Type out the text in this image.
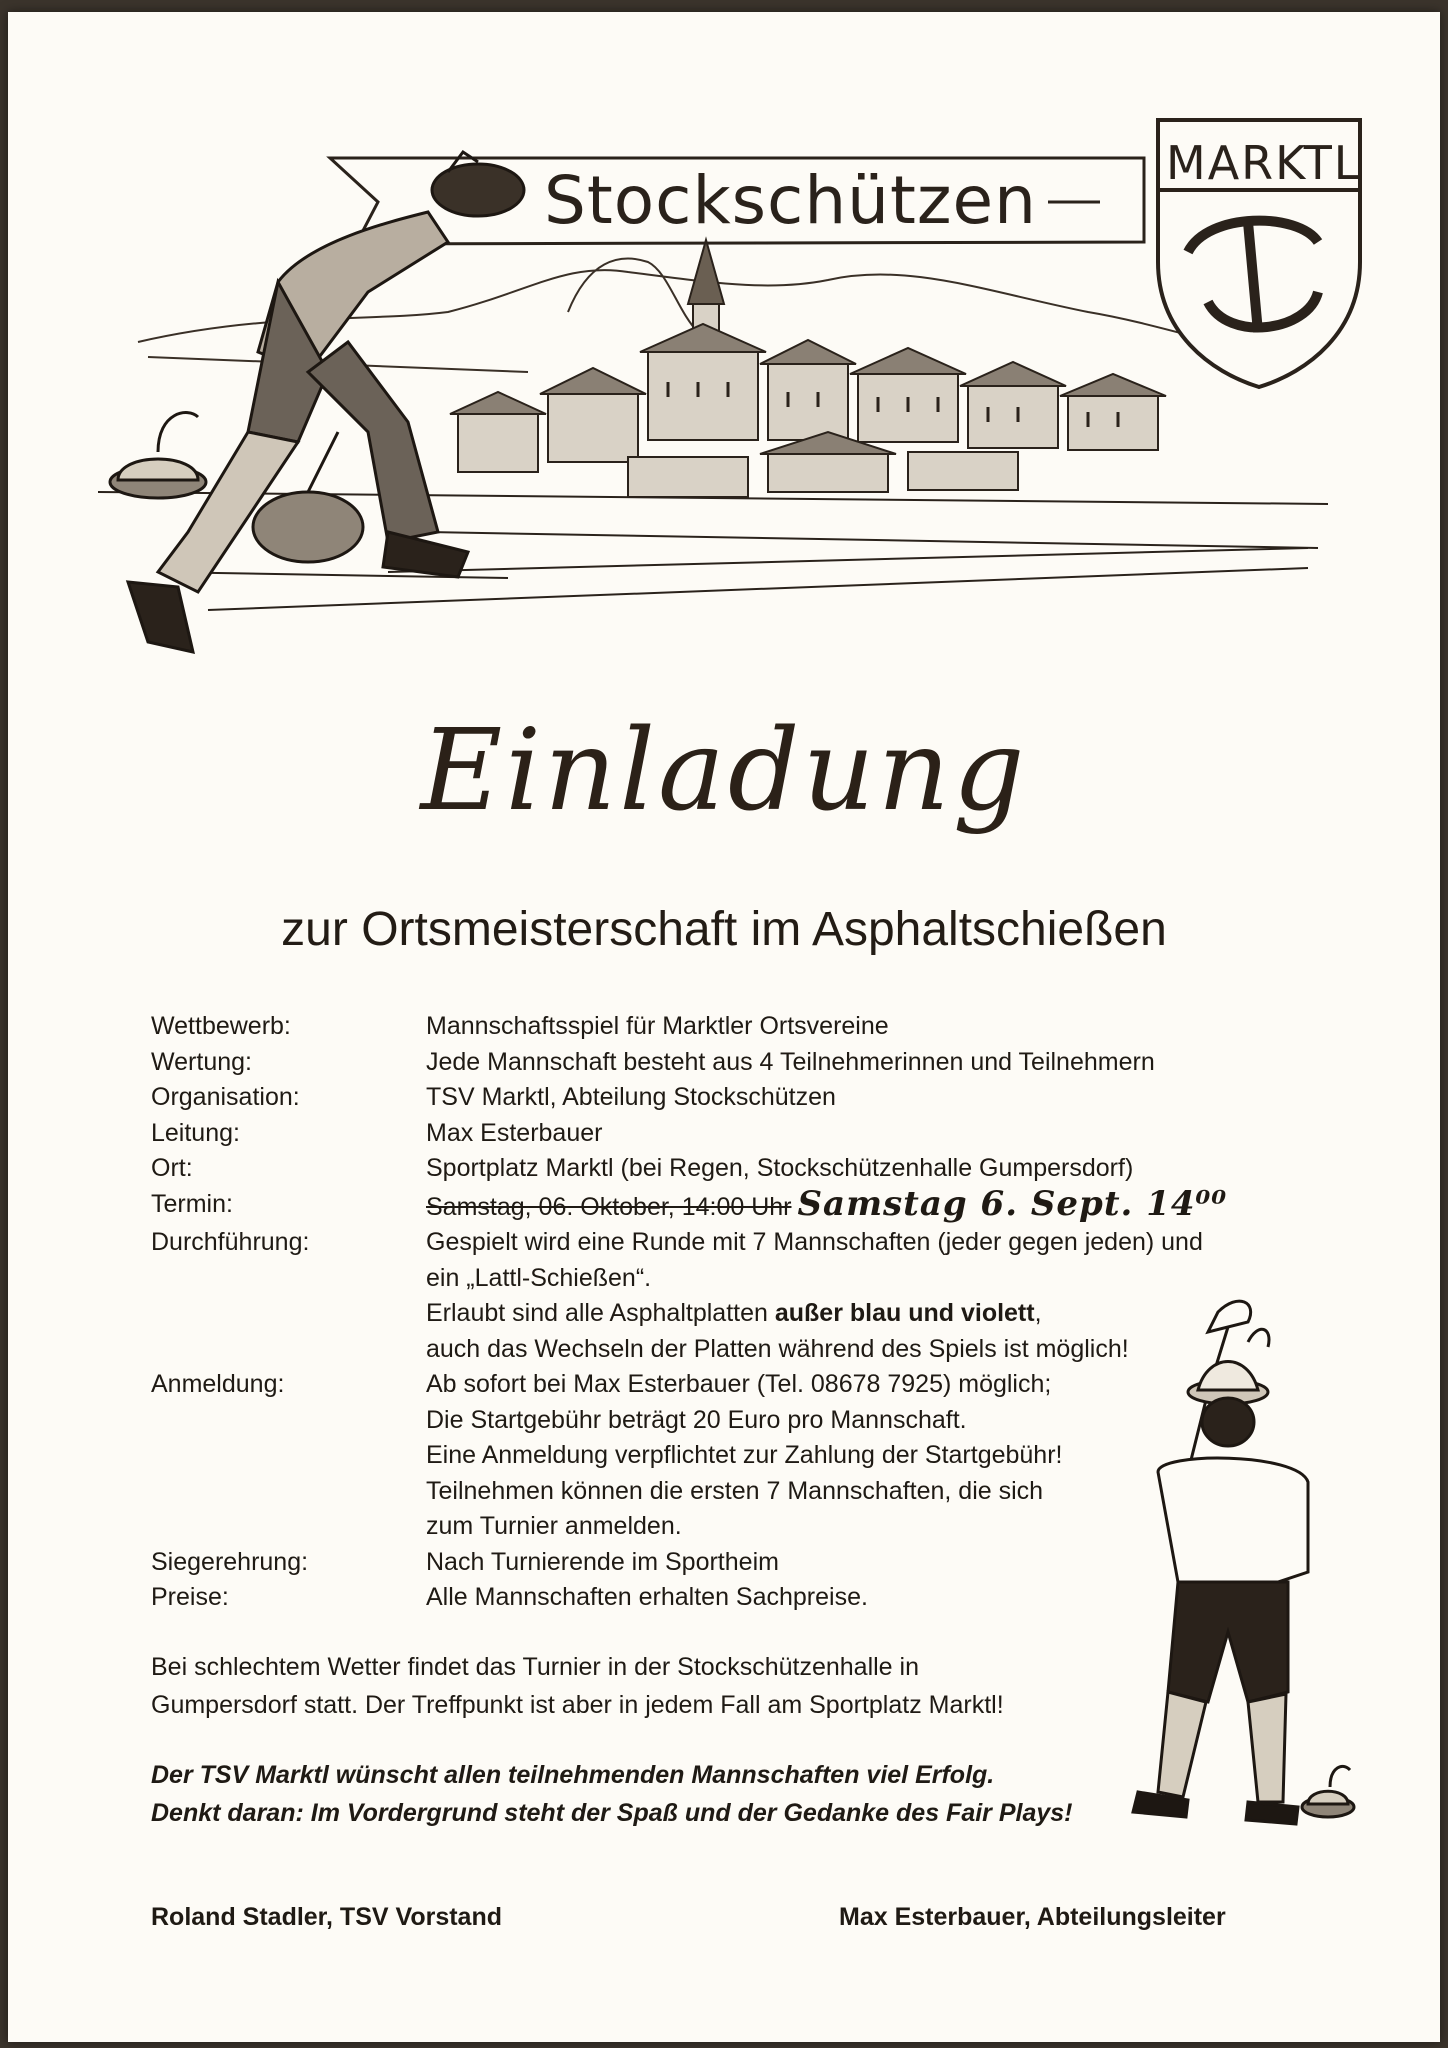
Stockschützen	MARKTL
Einladung
zur Ortsmeisterschaft im Asphaltschießen
Wettbewerb:	Mannschaftsspiel für Marktler Ortsvereine
Wertung:	Jede Mannschaft besteht aus 4 Teilnehmerinnen und Teilnehmern
Organisation:	TSV Marktl, Abteilung Stockschützen
Leitung:	Max Esterbauer
Ort:	Sportplatz Marktl (bei Regen, Stockschützenhalle Gumpersdorf)
Termin:	Samstag, 06. Oktober, 14:00 Uhr Samstag 6. Sept. 14⁰⁰
Durchführung:	Gespielt wird eine Runde mit 7 Mannschaften (jeder gegen jeden) und
ein „Lattl-Schießen“.
Erlaubt sind alle Asphaltplatten außer blau und violett,
auch das Wechseln der Platten während des Spiels ist möglich!
Anmeldung:	Ab sofort bei Max Esterbauer (Tel. 08678 7925) möglich;
Die Startgebühr beträgt 20 Euro pro Mannschaft.
Eine Anmeldung verpflichtet zur Zahlung der Startgebühr!
Teilnehmen können die ersten 7 Mannschaften, die sich
zum Turnier anmelden.
Siegerehrung:	Nach Turnierende im Sportheim
Preise:	Alle Mannschaften erhalten Sachpreise.
Bei schlechtem Wetter findet das Turnier in der Stockschützenhalle in
Gumpersdorf statt. Der Treffpunkt ist aber in jedem Fall am Sportplatz Marktl!
Der TSV Marktl wünscht allen teilnehmenden Mannschaften viel Erfolg.
Denkt daran: Im Vordergrund steht der Spaß und der Gedanke des Fair Plays!
Roland Stadler, TSV Vorstand	Max Esterbauer, Abteilungsleiter
